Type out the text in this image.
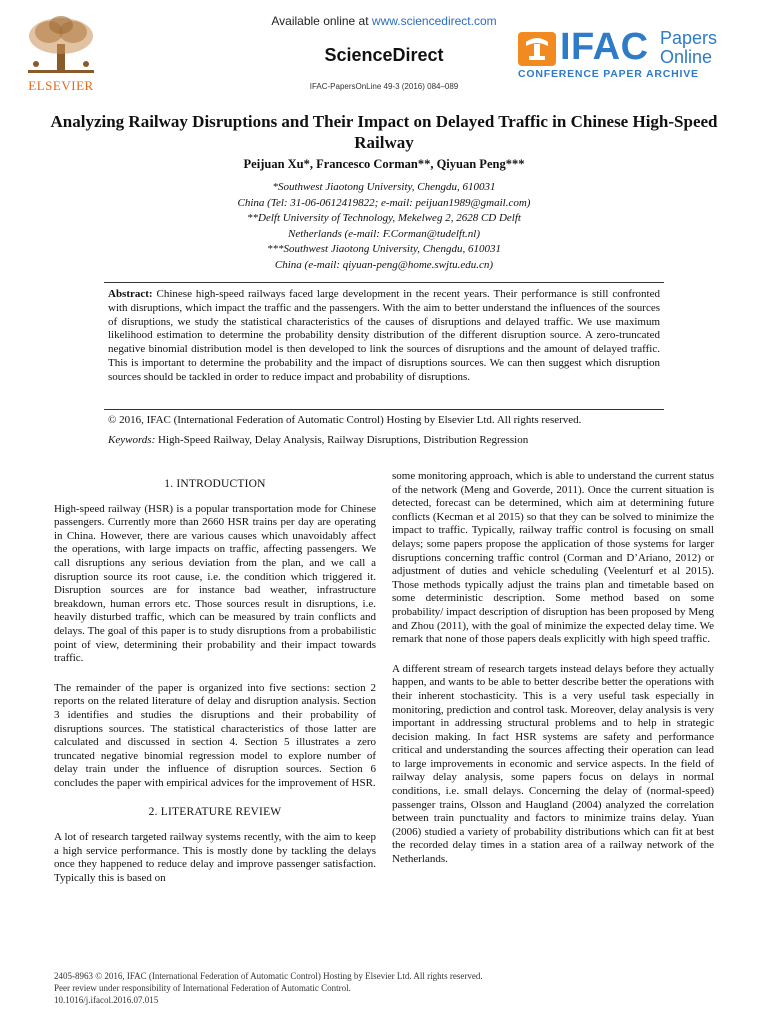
ELSEVIER
Available online at www.sciencedirect.com
ScienceDirect
IFAC-PapersOnLine 49-3 (2016) 084–089
IFAC Papers
Online
CONFERENCE PAPER ARCHIVE
Analyzing Railway Disruptions and Their Impact on Delayed Traffic in Chinese High-Speed Railway
Peijuan Xu*, Francesco Corman**, Qiyuan Peng***
*Southwest Jiaotong University, Chengdu, 610031
China (Tel: 31-06-0612419822; e-mail: peijuan1989@gmail.com)
**Delft University of Technology, Mekelweg 2, 2628 CD Delft
Netherlands (e-mail: F.Corman@tudelft.nl)
***Southwest Jiaotong University, Chengdu, 610031
China (e-mail: qiyuan-peng@home.swjtu.edu.cn)
Abstract: Chinese high-speed railways faced large development in the recent years. Their performance is still confronted with disruptions, which impact the traffic and the passengers. With the aim to better understand the influences of the sources of disruptions, we study the statistical characteristics of the causes of disruptions and delayed traffic. We use maximum likelihood estimation to determine the probability density distribution of the different disruption source. A zero-truncated negative binomial distribution model is then developed to link the sources of disruptions and the amount of delayed traffic. This is important to determine the probability and the impact of disruptions sources. We can then suggest which disruption sources should be tackled in order to reduce impact and probability of disruptions.
© 2016, IFAC (International Federation of Automatic Control) Hosting by Elsevier Ltd. All rights reserved.
Keywords: High-Speed Railway, Delay Analysis, Railway Disruptions, Distribution Regression

1. INTRODUCTION

High-speed railway (HSR) is a popular transportation mode for Chinese passengers. Currently more than 2660 HSR trains per day are operating in China. However, there are various causes which unavoidably affect the operations, with large impacts on traffic, affecting passengers. We call disruptions any serious deviation from the plan, and we call a disruption source its root cause, i.e. the condition which triggered it. Disruption sources are for instance bad weather, infrastructure breakdown, human errors etc. Those sources result in disruptions, i.e. heavily disturbed traffic, which can be measured by train conflicts and delays. The goal of this paper is to study disruptions from a probabilistic point of view, determining their probability and their impact towards traffic.

The remainder of the paper is organized into five sections: section 2 reports on the related literature of delay and disruption analysis. Section 3 identifies and studies the disruptions and their probability of disruptions sources. The statistical characteristics of those latter are calculated and discussed in section 4. Section 5 illustrates a zero truncated negative binomial regression model to explore number of delay train under the influence of disruption sources. Section 6 concludes the paper with empirical advices for the improvement of HSR.

2. LITERATURE REVIEW

A lot of research targeted railway systems recently, with the aim to keep a high service performance. This is mostly done by tackling the delays once they happened to reduce delay and improve passenger satisfaction. Typically this is based on

some monitoring approach, which is able to understand the current status of the network (Meng and Goverde, 2011). Once the current situation is detected, forecast can be determined, which aim at determining future conflicts (Kecman et al 2015) so that they can be solved to minimize the impact to traffic. Typically, railway traffic control is focusing on small delays; some papers propose the application of those systems for larger disruptions concerning traffic control (Corman and D’Ariano, 2012) or adjustment of duties and vehicle scheduling (Veelenturf et al 2015). Those methods typically adjust the trains plan and timetable based on some deterministic description. Some method based on some probability/ impact description of disruption has been proposed by Meng and Zhou (2011), with the goal of minimize the expected delay time. We remark that none of those papers deals explicitly with high speed traffic.

A different stream of research targets instead delays before they actually happen, and wants to be able to better describe better the operations with their inherent stochasticity. This is a very useful task especially in monitoring, prediction and control task. Moreover, delay analysis is very important in addressing structural problems and to help in strategic decision making. In fact HSR systems are safety and performance critical and understanding the sources affecting their operation can lead to large improvements in economic and service aspects. In the field of railway delay analysis, some papers focus on delays in normal conditions, i.e. small delays. Concerning the delay of (normal-speed) passenger trains, Olsson and Haugland (2004) analyzed the correlation between train punctuality and factors to minimize trains delay. Yuan (2006) studied a variety of probability distributions which can fit at best the recorded delay times in a station area of a railway network of the Netherlands.

2405-8963 © 2016, IFAC (International Federation of Automatic Control) Hosting by Elsevier Ltd. All rights reserved.
Peer review under responsibility of International Federation of Automatic Control.
10.1016/j.ifacol.2016.07.015
